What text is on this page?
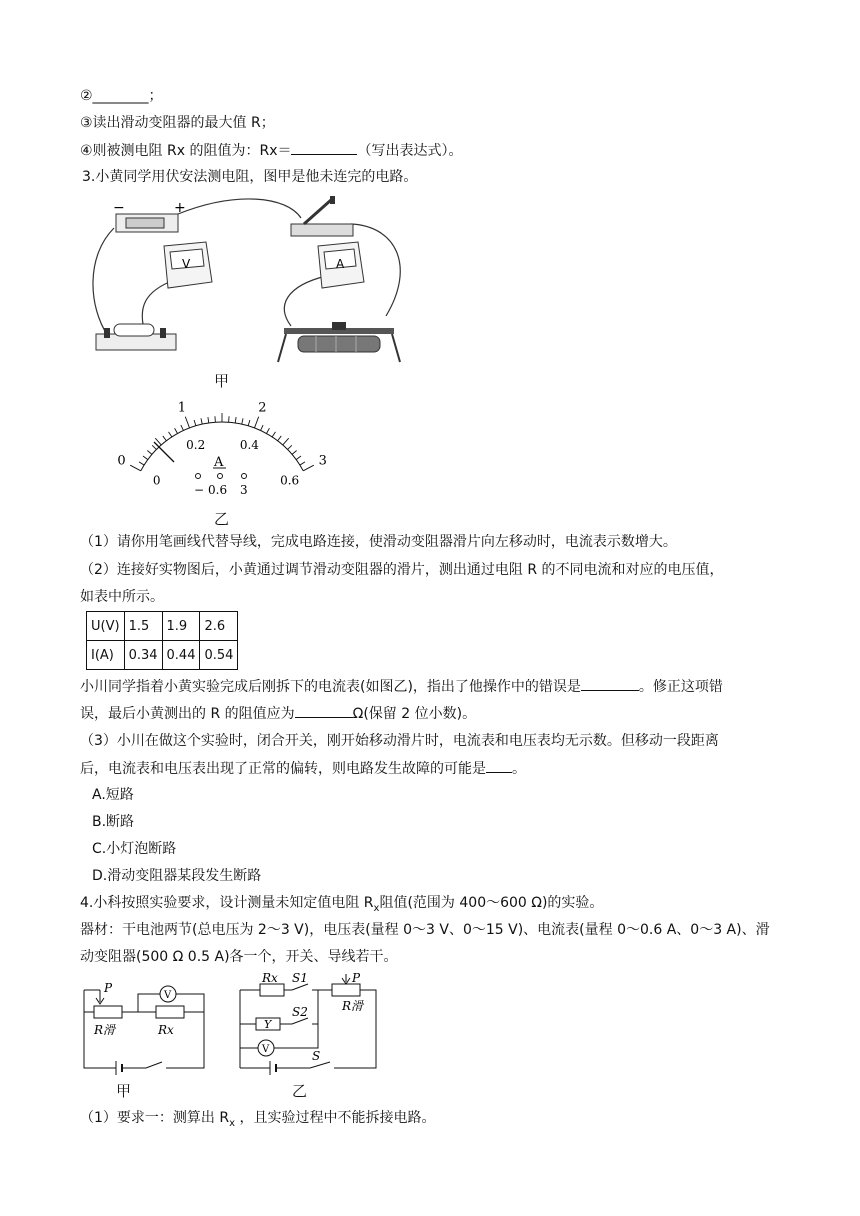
②________；
③读出滑动变阻器的最大值 R；
④则被测电阻 Rx 的阻值为：Rx＝	（写出表达式）。
3.小黄同学用伏安法测电阻，图甲是他未连完的电路。
−	+
V	A
甲
0
1	2
3
0
0.2	0.4
0.6
A
− 0.6 3
乙
（1）请你用笔画线代替导线，完成电路连接，使滑动变阻器滑片向左移动时，电流表示数增大。
（2）连接好实物图后，小黄通过调节滑动变阻器的滑片，测出通过电阻 R 的不同电流和对应的电压值，
如表中所示。
U(V)	1.5	1.9	2.6
I(A)	0.34	0.44	0.54
小川同学指着小黄实验完成后刚拆下的电流表(如图乙)，指出了他操作中的错误是	。修正这项错
误，最后小黄测出的 R 的阻值应为	Ω(保留 2 位小数)。
（3）小川在做这个实验时，闭合开关，刚开始移动滑片时，电流表和电压表均无示数。但移动一段距离
后，电流表和电压表出现了正常的偏转，则电路发生故障的可能是 。
A.短路
B.断路
C.小灯泡断路
D.滑动变阻器某段发生断路
4.小科按照实验要求，设计测量未知定值电阻 $R_x$阻值(范围为 400～600 Ω)的实验。
器材：干电池两节(总电压为 2～3 V)，电压表(量程 0～3 V、0～15 V)、电流表(量程 0～0.6 A、0～3 A)、滑
动变阻器(500 Ω 0.5 A)各一个，开关、导线若干。
V
P
R滑	Rx
Rx S1
S2
Y
V
P
R滑
S
甲	乙
（1）要求一：测算出 $R_x$ ，且实验过程中不能拆接电路。
